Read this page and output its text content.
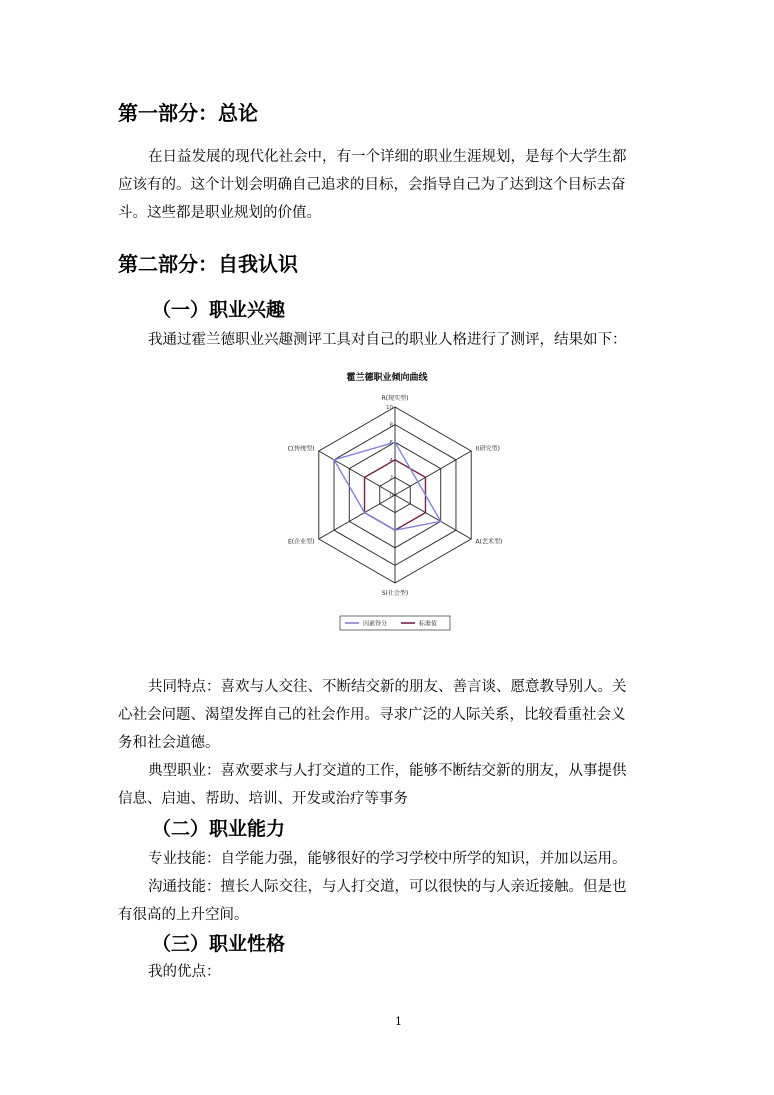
第一部分：总论
在日益发展的现代化社会中，有一个详细的职业生涯规划，是每个大学生都
应该有的。这个计划会明确自己追求的目标，会指导自己为了达到这个目标去奋
斗。这些都是职业规划的价值。
第二部分：自我认识
（一）职业兴趣
我通过霍兰德职业兴趣测评工具对自己的职业人格进行了测评，结果如下：
霍兰德职业倾向曲线
0
2
4
6
8
10
R(现实型)
I(研究型)
A(艺术型)
S(社会型)
E(企业型)
C(传统型)
因素得分	标准值
共同特点：喜欢与人交往、不断结交新的朋友、善言谈、愿意教导别人。关
心社会问题、渴望发挥自己的社会作用。寻求广泛的人际关系，比较看重社会义
务和社会道德。
典型职业：喜欢要求与人打交道的工作，能够不断结交新的朋友，从事提供
信息、启迪、帮助、培训、开发或治疗等事务
（二）职业能力
专业技能：自学能力强，能够很好的学习学校中所学的知识，并加以运用。
沟通技能：擅长人际交往，与人打交道，可以很快的与人亲近接触。但是也
有很高的上升空间。
（三）职业性格
我的优点：
1
